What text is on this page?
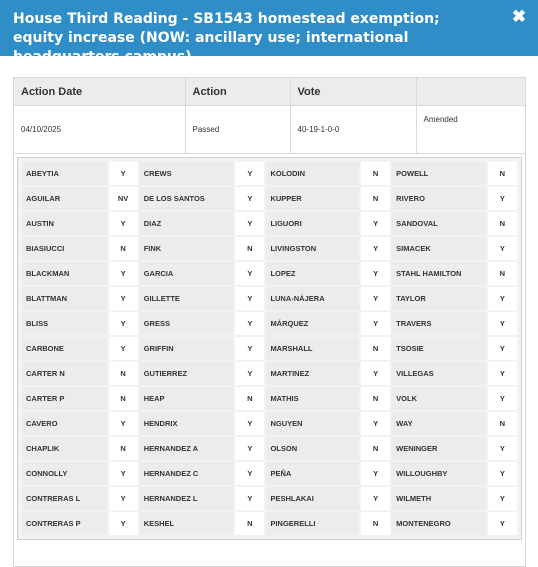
House Third Reading - SB1543 homestead exemption; equity increase (NOW: ancillary use; international headquarters campus)

✖
Action Date	Action	Vote	
04/10/2025	Passed	40-19-1-0-0	Amended
ABEYTIA	Y	CREWS	Y	KOLODIN	N	POWELL	N
AGUILAR	NV	DE LOS SANTOS	Y	KUPPER	N	RIVERO	Y
AUSTIN	Y	DIAZ	Y	LIGUORI	Y	SANDOVAL	N
BIASIUCCI	N	FINK	N	LIVINGSTON	Y	SIMACEK	Y
BLACKMAN	Y	GARCIA	Y	LOPEZ	Y	STAHL HAMILTON	N
BLATTMAN	Y	GILLETTE	Y	LUNA-NÁJERA	Y	TAYLOR	Y
BLISS	Y	GRESS	Y	MÁRQUEZ	Y	TRAVERS	Y
CARBONE	Y	GRIFFIN	Y	MARSHALL	N	TSOSIE	Y
CARTER N	N	GUTIERREZ	Y	MARTINEZ	Y	VILLEGAS	Y
CARTER P	N	HEAP	N	MATHIS	N	VOLK	Y
CAVERO	Y	HENDRIX	Y	NGUYEN	Y	WAY	N
CHAPLIK	N	HERNANDEZ A	Y	OLSON	N	WENINGER	Y
CONNOLLY	Y	HERNANDEZ C	Y	PEÑA	Y	WILLOUGHBY	Y
CONTRERAS L	Y	HERNANDEZ L	Y	PESHLAKAI	Y	WILMETH	Y
CONTRERAS P	Y	KESHEL	N	PINGERELLI	N	MONTENEGRO	Y
